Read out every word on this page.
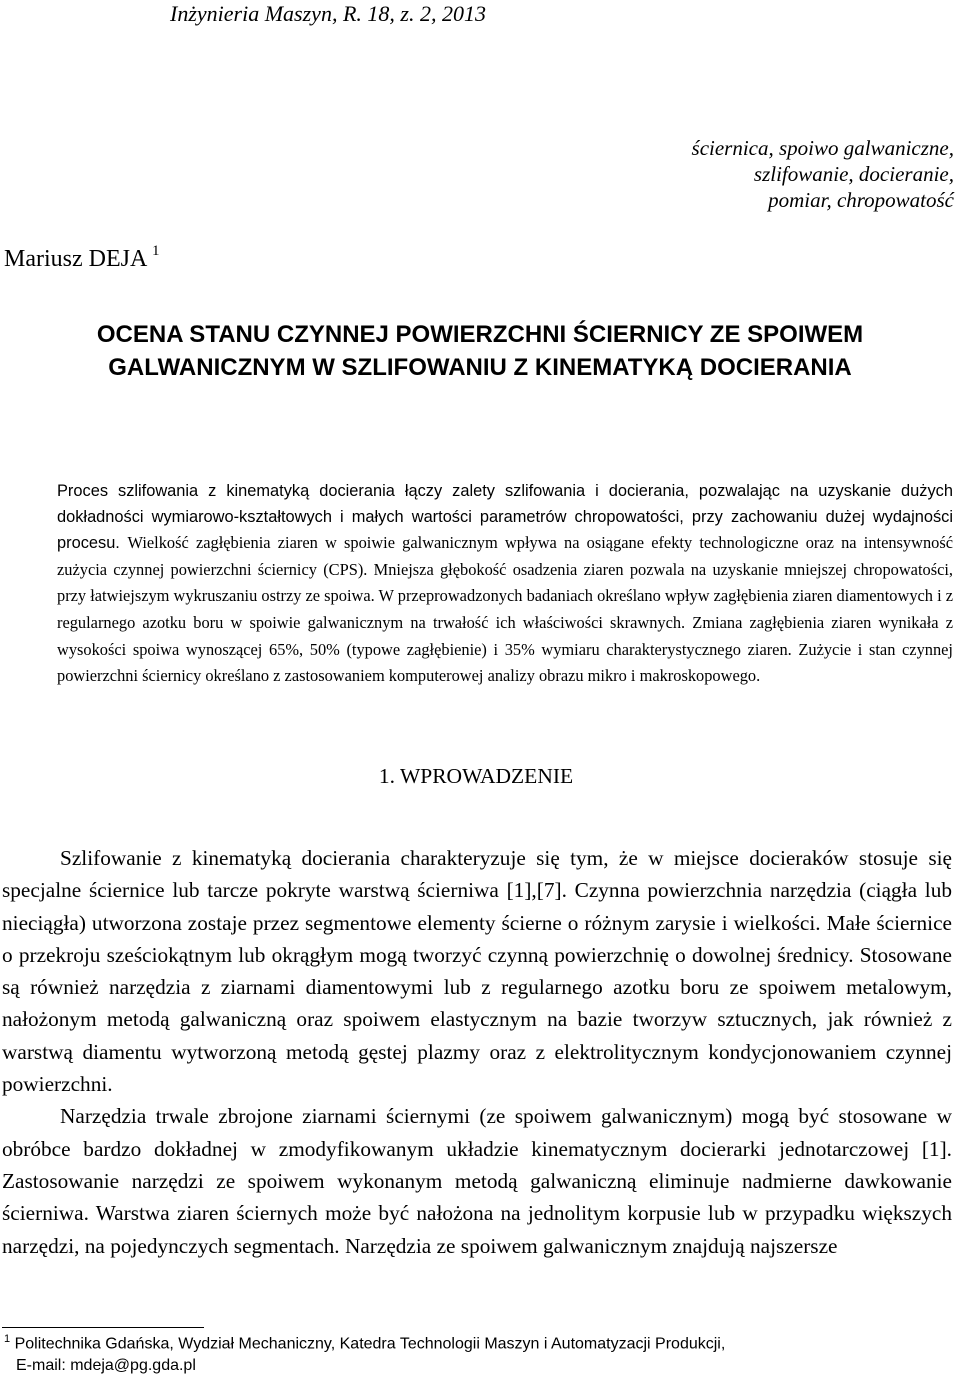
Inżynieria Maszyn, R. 18, z. 2, 2013
ściernica, spoiwo galwaniczne,
szlifowanie, docieranie,
pomiar, chropowatość
Mariusz DEJA $^1$
OCENA STANU CZYNNEJ POWIERZCHNI ŚCIERNICY ZE SPOIWEM
GALWANICZNYM W SZLIFOWANIU Z KINEMATYKĄ DOCIERANIA
Proces szlifowania z kinematyką docierania łączy zalety szlifowania i docierania, pozwalając na uzyskanie dużych dokładności wymiarowo-kształtowych i małych wartości parametrów chropowatości, przy zachowaniu dużej wydajności procesu. Wielkość zagłębienia ziaren w spoiwie galwanicznym wpływa na osiągane efekty technologiczne oraz na intensywność zużycia czynnej powierzchni ściernicy (CPS). Mniejsza głębokość osadzenia ziaren pozwala na uzyskanie mniejszej chropowatości, przy łatwiejszym wykruszaniu ostrzy ze spoiwa. W przeprowadzonych badaniach określano wpływ zagłębienia ziaren diamentowych i z regularnego azotku boru w spoiwie galwanicznym na trwałość ich właściwości skrawnych. Zmiana zagłębienia ziaren wynikała z wysokości spoiwa wynoszącej 65%, 50% (typowe zagłębienie) i 35% wymiaru charakterystycznego ziaren. Zużycie i stan czynnej powierzchni ściernicy określano z zastosowaniem komputerowej analizy obrazu mikro i makroskopowego.
1. WPROWADZENIE

Szlifowanie z kinematyką docierania charakteryzuje się tym, że w miejsce docieraków stosuje się specjalne ściernice lub tarcze pokryte warstwą ścierniwa [1],[7]. Czynna powierzchnia narzędzia (ciągła lub nieciągła) utworzona zostaje przez segmentowe elementy ścierne o różnym zarysie i wielkości. Małe ściernice o przekroju sześciokątnym lub okrągłym mogą tworzyć czynną powierzchnię o dowolnej średnicy. Stosowane są również narzędzia z ziarnami diamentowymi lub z regularnego azotku boru ze spoiwem metalowym, nałożonym metodą galwaniczną oraz spoiwem elastycznym na bazie tworzyw sztucznych, jak również z warstwą diamentu wytworzoną metodą gęstej plazmy oraz z elektrolitycznym kondycjonowaniem czynnej powierzchni.

Narzędzia trwale zbrojone ziarnami ściernymi (ze spoiwem galwanicznym) mogą być stosowane w obróbce bardzo dokładnej w zmodyfikowanym układzie kinematycznym docierarki jednotarczowej [1]. Zastosowanie narzędzi ze spoiwem wykonanym metodą galwaniczną eliminuje nadmierne dawkowanie ścierniwa. Warstwa ziaren ściernych może być nałożona na jednolitym korpusie lub w przypadku większych narzędzi, na pojedynczych segmentach. Narzędzia ze spoiwem galwanicznym znajdują najszersze

$^1$ Politechnika Gdańska, Wydział Mechaniczny, Katedra Technologii Maszyn i Automatyzacji Produkcji,
E-mail: mdeja@pg.gda.pl
